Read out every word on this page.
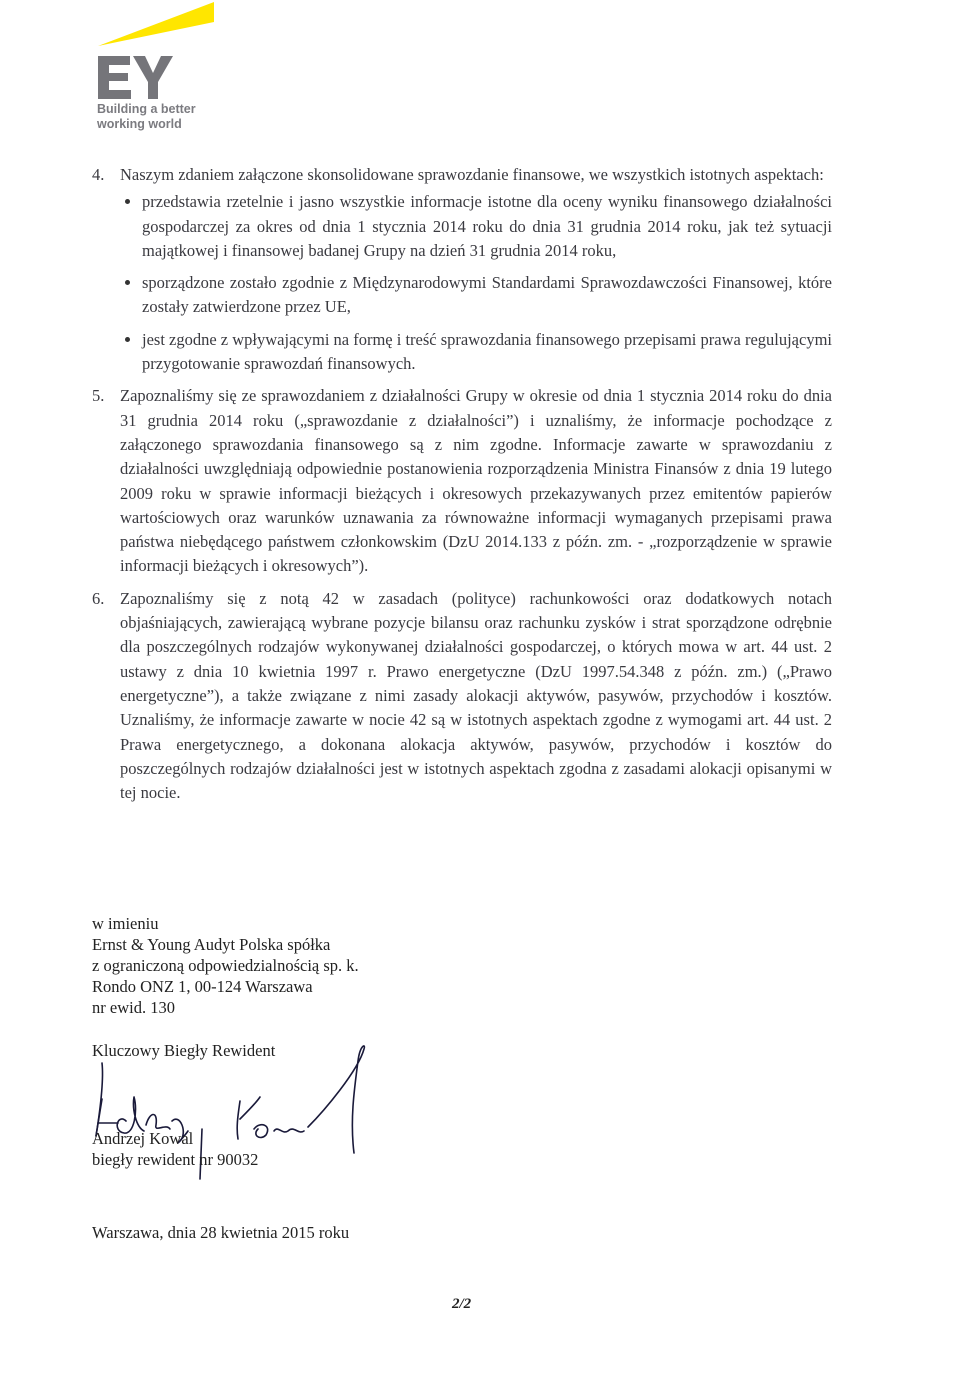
Building a better
working world
4. Naszym zdaniem załączone skonsolidowane sprawozdanie finansowe, we wszystkich istotnych aspektach:

przedstawia rzetelnie i jasno wszystkie informacje istotne dla oceny wyniku finansowego działalności gospodarczej za okres od dnia 1 stycznia 2014 roku do dnia 31 grudnia 2014 roku, jak też sytuacji majątkowej i finansowej badanej Grupy na dzień 31 grudnia 2014 roku,

sporządzone zostało zgodnie z Międzynarodowymi Standardami Sprawozdawczości Finansowej, które zostały zatwierdzone przez UE,

jest zgodne z wpływającymi na formę i treść sprawozdania finansowego przepisami prawa regulującymi przygotowanie sprawozdań finansowych.

5. Zapoznaliśmy się ze sprawozdaniem z działalności Grupy w okresie od dnia 1 stycznia 2014 roku do dnia 31 grudnia 2014 roku („sprawozdanie z działalności”) i uznaliśmy, że informacje pochodzące z załączonego sprawozdania finansowego są z nim zgodne. Informacje zawarte w sprawozdaniu z działalności uwzględniają odpowiednie postanowienia rozporządzenia Ministra Finansów z dnia 19 lutego 2009 roku w sprawie informacji bieżących i okresowych przekazywanych przez emitentów papierów wartościowych oraz warunków uznawania za równoważne informacji wymaganych przepisami prawa państwa niebędącego państwem członkowskim (DzU 2014.133 z późn. zm. - „rozporządzenie w sprawie informacji bieżących i okresowych”).

6. Zapoznaliśmy się z notą 42 w zasadach (polityce) rachunkowości oraz dodatkowych notach objaśniających, zawierającą wybrane pozycje bilansu oraz rachunku zysków i strat sporządzone odrębnie dla poszczególnych rodzajów wykonywanej działalności gospodarczej, o których mowa w art. 44 ust. 2 ustawy z dnia 10 kwietnia 1997 r. Prawo energetyczne (DzU 1997.54.348 z późn. zm.) („Prawo energetyczne”), a także związane z nimi zasady alokacji aktywów, pasywów, przychodów i kosztów. Uznaliśmy, że informacje zawarte w nocie 42 są w istotnych aspektach zgodne z wymogami art. 44 ust. 2 Prawa energetycznego, a dokonana alokacja aktywów, pasywów, przychodów i kosztów do poszczególnych rodzajów działalności jest w istotnych aspektach zgodna z zasadami alokacji opisanymi w tej nocie.

w imieniu
Ernst & Young Audyt Polska spółka
z ograniczoną odpowiedzialnością sp. k.
Rondo ONZ 1, 00-124 Warszawa
nr ewid. 130
Kluczowy Biegły Rewident
Andrzej Kowal
biegły rewident nr 90032
Warszawa, dnia 28 kwietnia 2015 roku
2/2
